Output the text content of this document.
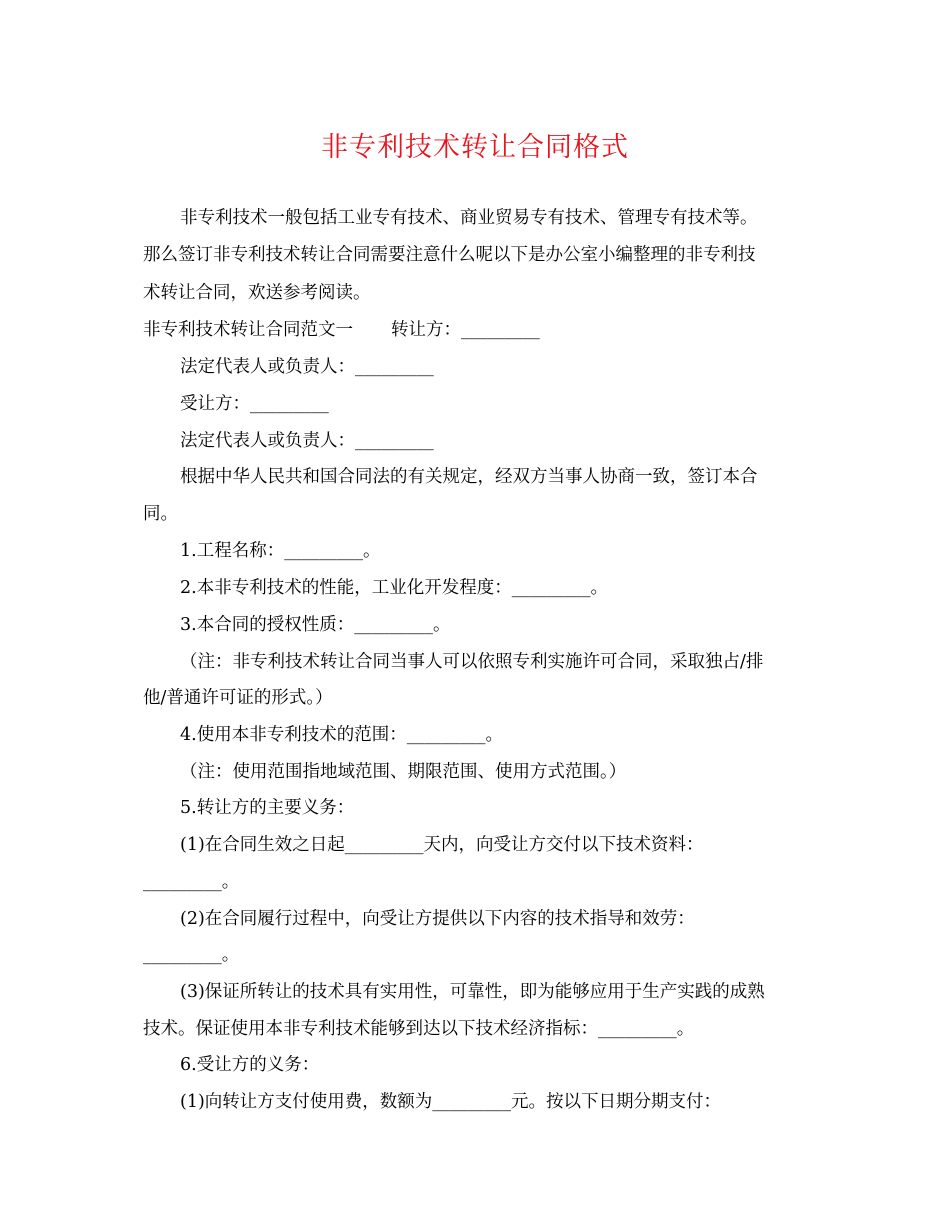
非专利技术转让合同格式
非专利技术一般包括工业专有技术、商业贸易专有技术、管理专有技术等。
那么签订非专利技术转让合同需要注意什么呢以下是办公室小编整理的非专利技
术转让合同，欢送参考阅读。
非专利技术转让合同范文一 转让方：_________
法定代表人或负责人：_________
受让方：_________
法定代表人或负责人：_________
根据中华人民共和国合同法的有关规定，经双方当事人协商一致，签订本合
同。
1.工程名称：_________。
2.本非专利技术的性能，工业化开发程度：_________。
3.本合同的授权性质：_________。
（注：非专利技术转让合同当事人可以依照专利实施许可合同，采取独占/排
他/普通许可证的形式。）
4.使用本非专利技术的范围：_________。
（注：使用范围指地域范围、期限范围、使用方式范围。）
5.转让方的主要义务：
(1)在合同生效之日起_________天内，向受让方交付以下技术资料：
_________。
(2)在合同履行过程中，向受让方提供以下内容的技术指导和效劳：
_________。
(3)保证所转让的技术具有实用性，可靠性，即为能够应用于生产实践的成熟
技术。保证使用本非专利技术能够到达以下技术经济指标：_________。
6.受让方的义务：
(1)向转让方支付使用费，数额为_________元。按以下日期分期支付：
